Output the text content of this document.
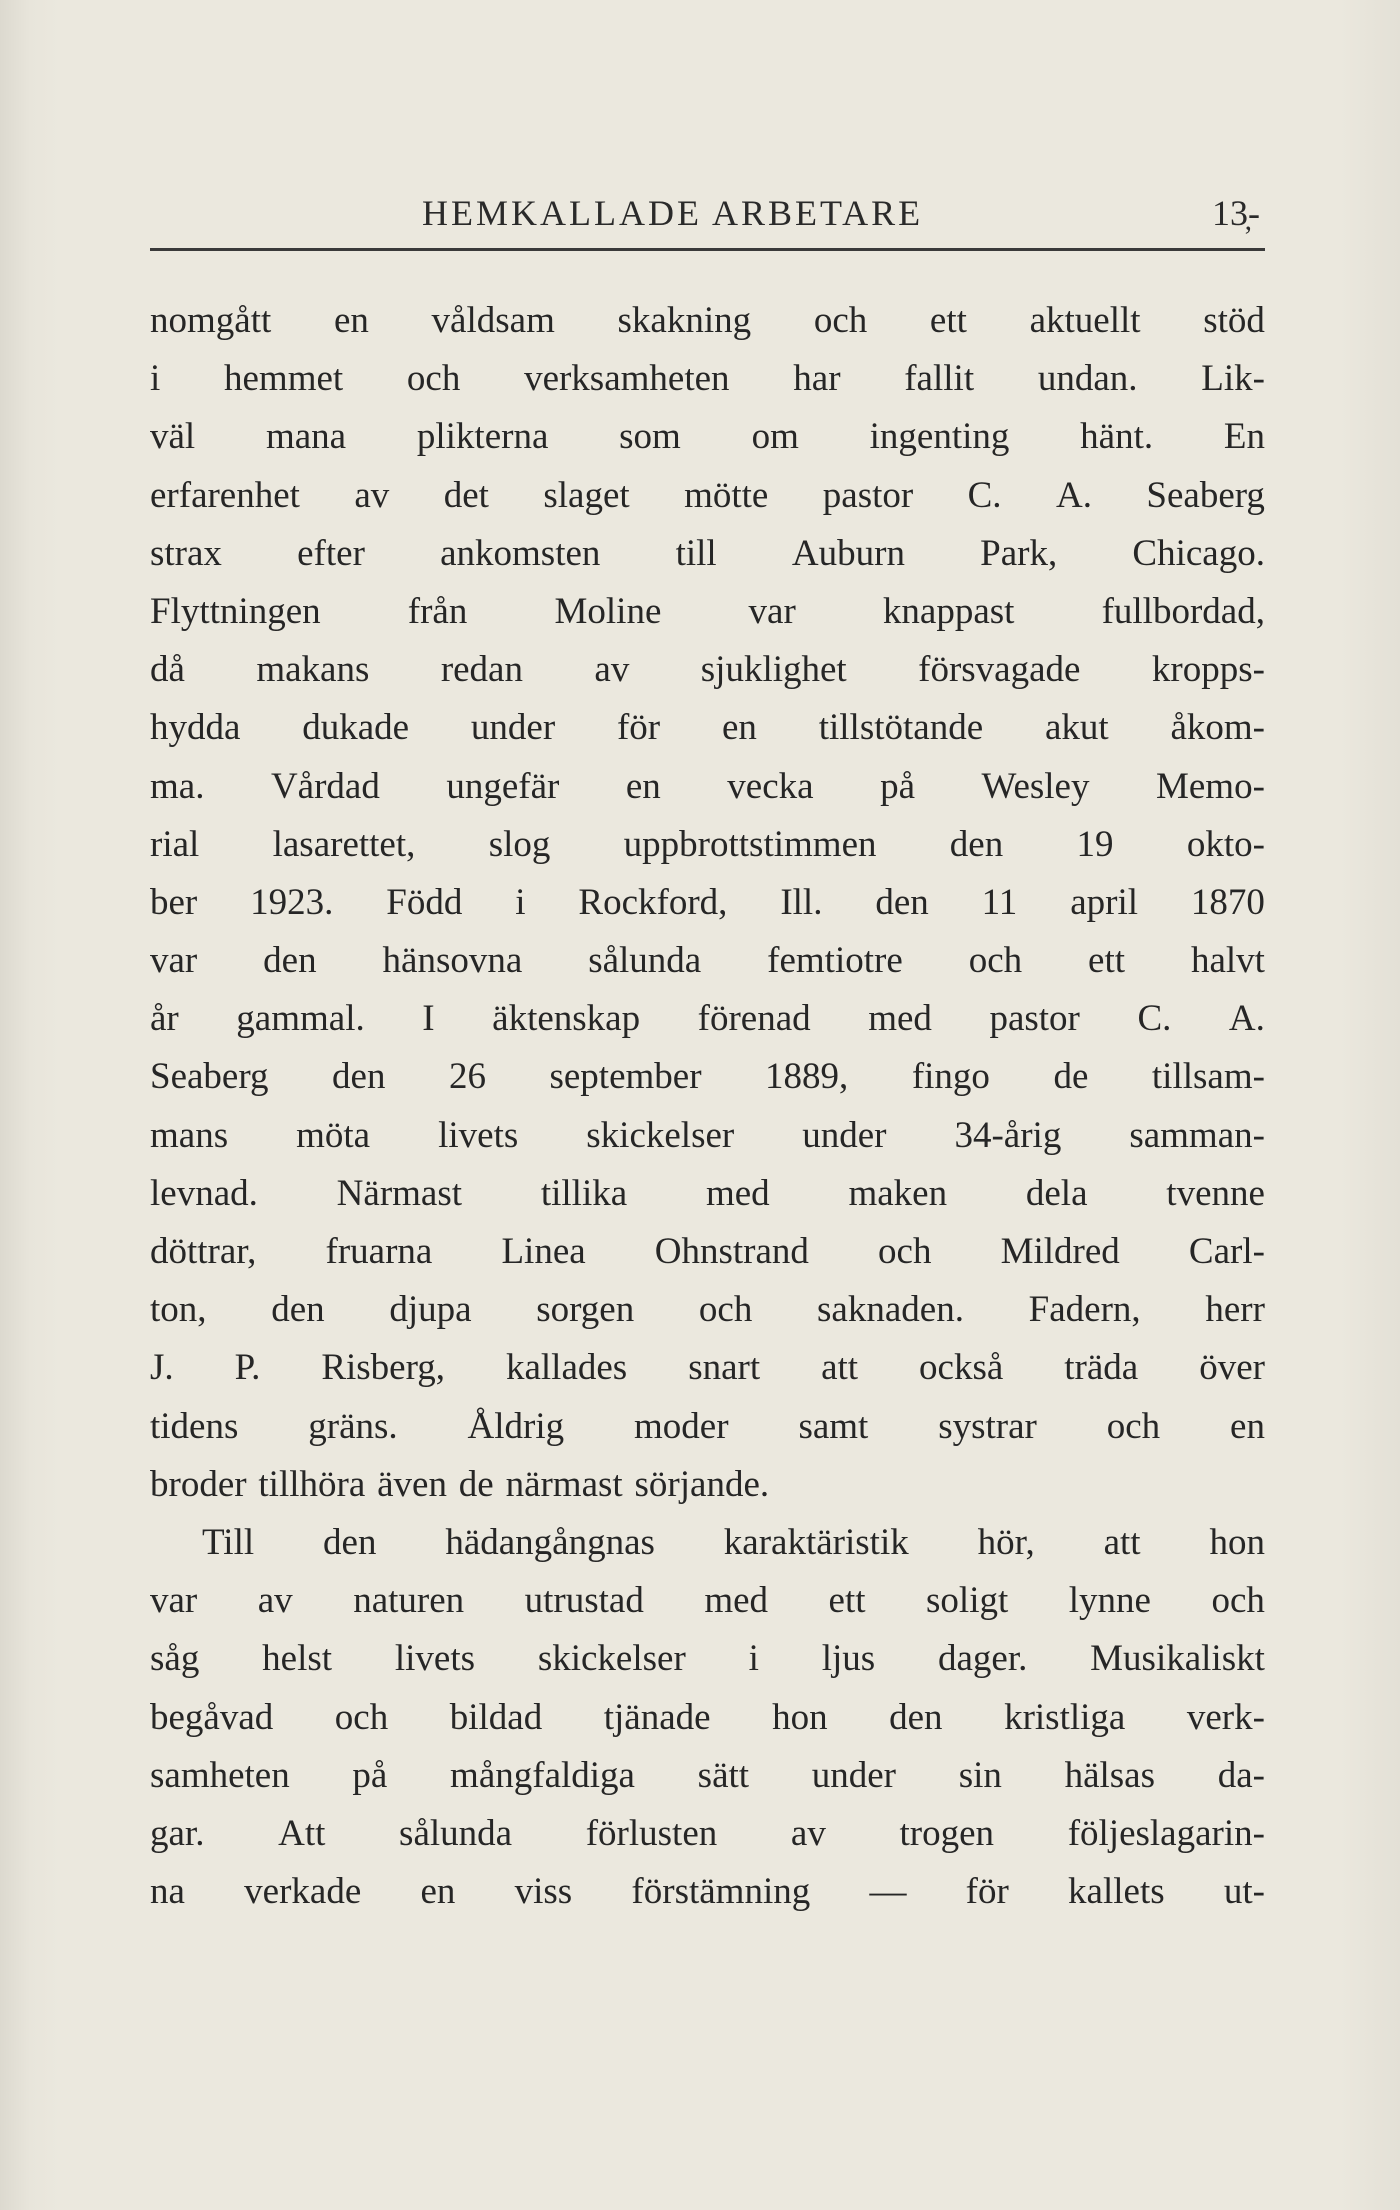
HEMKALLADE ARBETARE	13̦-
nomgått en våldsam skakning och ett aktuellt stöd
i hemmet och verksamheten har fallit undan. Lik-
väl mana plikterna som om ingenting hänt. En
erfarenhet av det slaget mötte pastor C. A. Seaberg
strax efter ankomsten till Auburn Park, Chicago.
Flyttningen från Moline var knappast fullbordad,
då makans redan av sjuklighet försvagade kropps-
hydda dukade under för en tillstötande akut åkom-
ma. Vårdad ungefär en vecka på Wesley Memo-
rial lasarettet, slog uppbrottstimmen den 19 okto-
ber 1923. Född i Rockford, Ill. den 11 april 1870
var den hänsovna sålunda femtiotre och ett halvt
år gammal. I äktenskap förenad med pastor C. A.
Seaberg den 26 september 1889, fingo de tillsam-
mans möta livets skickelser under 34-årig samman-
levnad. Närmast tillika med maken dela tvenne
döttrar, fruarna Linea Ohnstrand och Mildred Carl-
ton, den djupa sorgen och saknaden. Fadern, herr
J. P. Risberg, kallades snart att också träda över
tidens gräns. Åldrig moder samt systrar och en
broder tillhöra även de närmast sörjande.
Till den hädangångnas karaktäristik hör, att hon
var av naturen utrustad med ett soligt lynne och
såg helst livets skickelser i ljus dager. Musikaliskt
begåvad och bildad tjänade hon den kristliga verk-
samheten på mångfaldiga sätt under sin hälsas da-
gar. Att sålunda förlusten av trogen följeslagarin-
na verkade en viss förstämning — för kallets ut-
